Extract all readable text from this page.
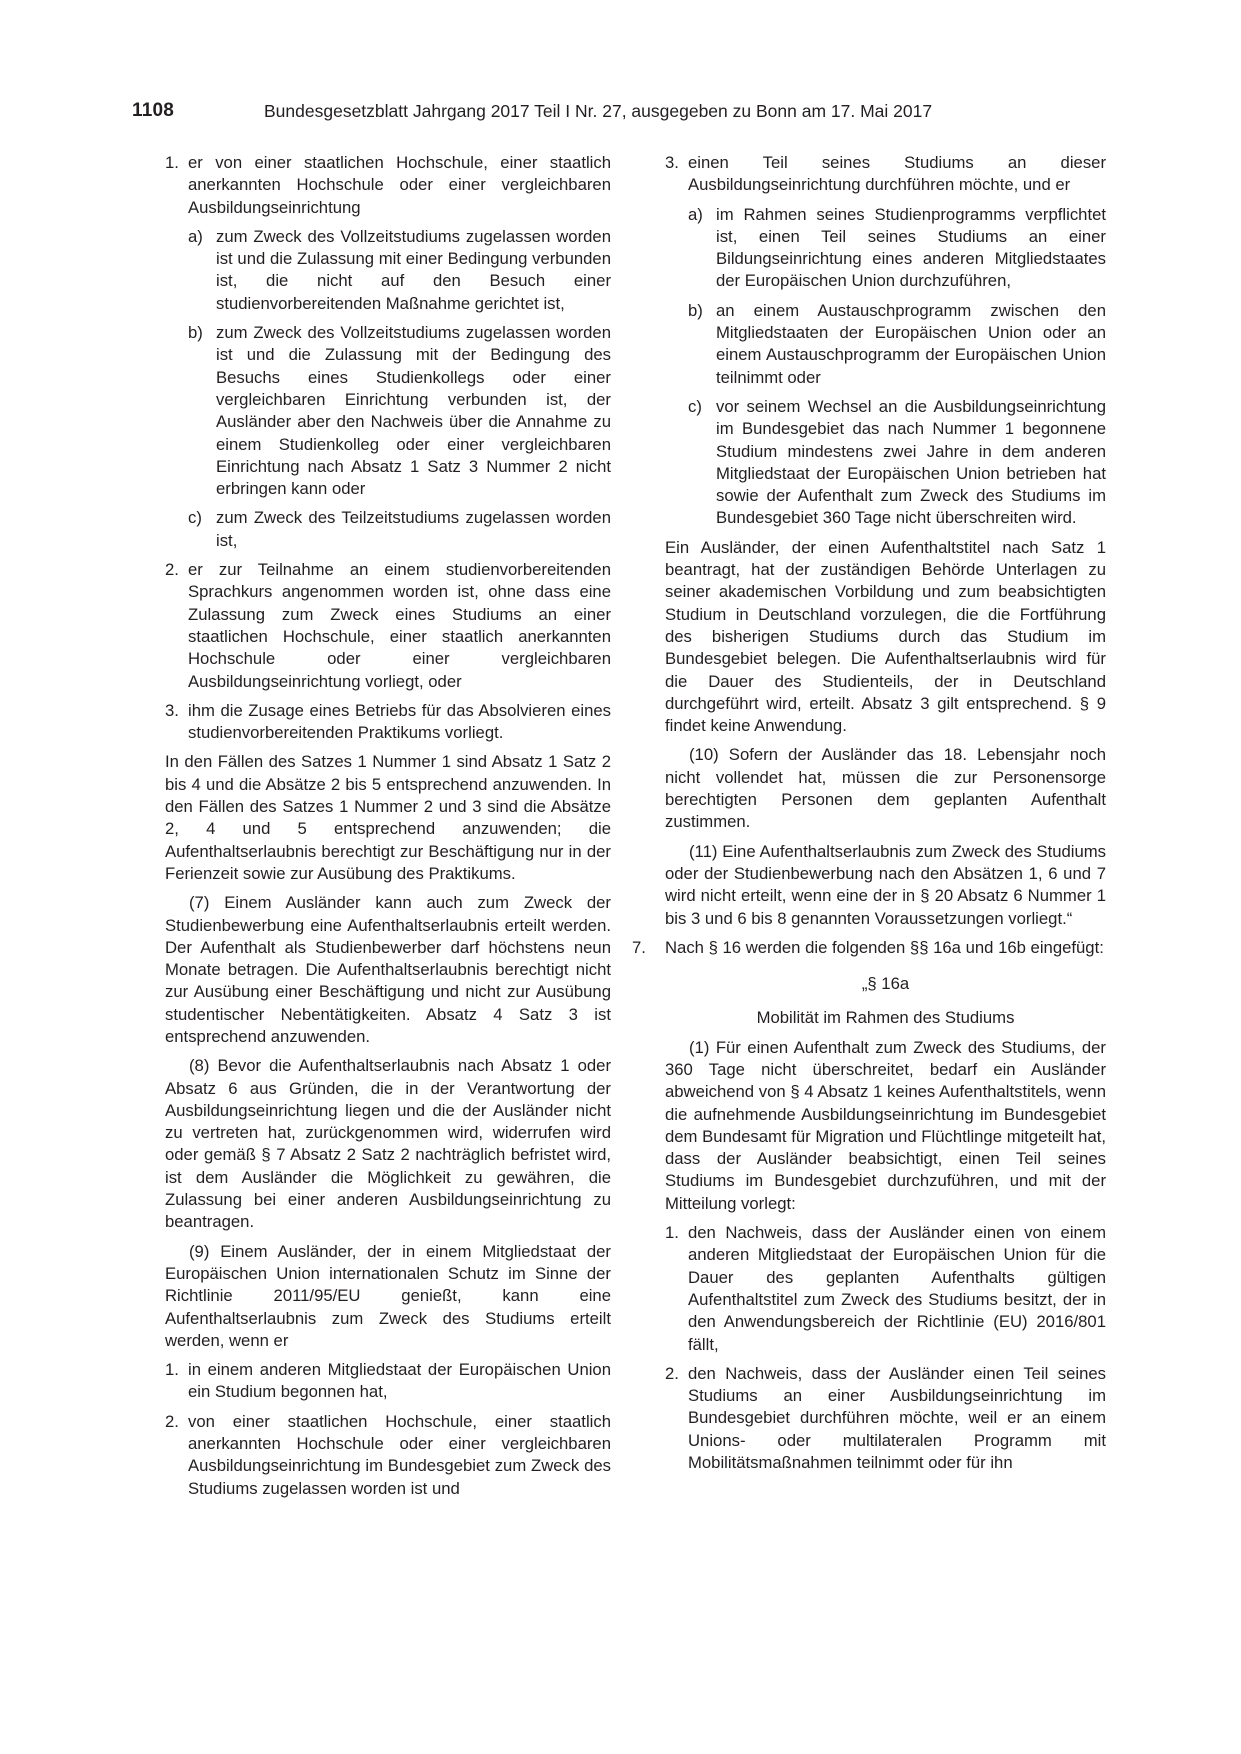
1108	Bundesgesetzblatt Jahrgang 2017 Teil I Nr. 27, ausgegeben zu Bonn am 17. Mai 2017
1. er von einer staatlichen Hochschule, einer staatlich anerkannten Hochschule oder einer vergleichbaren Ausbildungseinrichtung
a) zum Zweck des Vollzeitstudiums zugelassen worden ist und die Zulassung mit einer Bedingung verbunden ist, die nicht auf den Besuch einer studienvorbereitenden Maßnahme gerichtet ist,
b) zum Zweck des Vollzeitstudiums zugelassen worden ist und die Zulassung mit der Bedingung des Besuchs eines Studienkollegs oder einer vergleichbaren Einrichtung verbunden ist, der Ausländer aber den Nachweis über die Annahme zu einem Studienkolleg oder einer vergleichbaren Einrichtung nach Absatz 1 Satz 3 Nummer 2 nicht erbringen kann oder
c) zum Zweck des Teilzeitstudiums zugelassen worden ist,
2. er zur Teilnahme an einem studienvorbereitenden Sprachkurs angenommen worden ist, ohne dass eine Zulassung zum Zweck eines Studiums an einer staatlichen Hochschule, einer staatlich anerkannten Hochschule oder einer vergleichbaren Ausbildungseinrichtung vorliegt, oder
3. ihm die Zusage eines Betriebs für das Absolvieren eines studienvorbereitenden Praktikums vorliegt.
In den Fällen des Satzes 1 Nummer 1 sind Absatz 1 Satz 2 bis 4 und die Absätze 2 bis 5 entsprechend anzuwenden. In den Fällen des Satzes 1 Nummer 2 und 3 sind die Absätze 2, 4 und 5 entsprechend anzuwenden; die Aufenthaltserlaubnis berechtigt zur Beschäftigung nur in der Ferienzeit sowie zur Ausübung des Praktikums.
(7) Einem Ausländer kann auch zum Zweck der Studienbewerbung eine Aufenthaltserlaubnis erteilt werden. Der Aufenthalt als Studienbewerber darf höchstens neun Monate betragen. Die Aufenthaltserlaubnis berechtigt nicht zur Ausübung einer Beschäftigung und nicht zur Ausübung studentischer Nebentätigkeiten. Absatz 4 Satz 3 ist entsprechend anzuwenden.
(8) Bevor die Aufenthaltserlaubnis nach Absatz 1 oder Absatz 6 aus Gründen, die in der Verantwortung der Ausbildungseinrichtung liegen und die der Ausländer nicht zu vertreten hat, zurückgenommen wird, widerrufen wird oder gemäß § 7 Absatz 2 Satz 2 nachträglich befristet wird, ist dem Ausländer die Möglichkeit zu gewähren, die Zulassung bei einer anderen Ausbildungseinrichtung zu beantragen.
(9) Einem Ausländer, der in einem Mitgliedstaat der Europäischen Union internationalen Schutz im Sinne der Richtlinie 2011/95/EU genießt, kann eine Aufenthaltserlaubnis zum Zweck des Studiums erteilt werden, wenn er
1. in einem anderen Mitgliedstaat der Europäischen Union ein Studium begonnen hat,
2. von einer staatlichen Hochschule, einer staatlich anerkannten Hochschule oder einer vergleichbaren Ausbildungseinrichtung im Bundesgebiet zum Zweck des Studiums zugelassen worden ist und
3. einen Teil seines Studiums an dieser Ausbildungseinrichtung durchführen möchte, und er
a) im Rahmen seines Studienprogramms verpflichtet ist, einen Teil seines Studiums an einer Bildungseinrichtung eines anderen Mitgliedstaates der Europäischen Union durchzuführen,
b) an einem Austauschprogramm zwischen den Mitgliedstaaten der Europäischen Union oder an einem Austauschprogramm der Europäischen Union teilnimmt oder
c) vor seinem Wechsel an die Ausbildungseinrichtung im Bundesgebiet das nach Nummer 1 begonnene Studium mindestens zwei Jahre in dem anderen Mitgliedstaat der Europäischen Union betrieben hat sowie der Aufenthalt zum Zweck des Studiums im Bundesgebiet 360 Tage nicht überschreiten wird.
Ein Ausländer, der einen Aufenthaltstitel nach Satz 1 beantragt, hat der zuständigen Behörde Unterlagen zu seiner akademischen Vorbildung und zum beabsichtigten Studium in Deutschland vorzulegen, die die Fortführung des bisherigen Studiums durch das Studium im Bundesgebiet belegen. Die Aufenthaltserlaubnis wird für die Dauer des Studienteils, der in Deutschland durchgeführt wird, erteilt. Absatz 3 gilt entsprechend. § 9 findet keine Anwendung.
(10) Sofern der Ausländer das 18. Lebensjahr noch nicht vollendet hat, müssen die zur Personensorge berechtigten Personen dem geplanten Aufenthalt zustimmen.
(11) Eine Aufenthaltserlaubnis zum Zweck des Studiums oder der Studienbewerbung nach den Absätzen 1, 6 und 7 wird nicht erteilt, wenn eine der in § 20 Absatz 6 Nummer 1 bis 3 und 6 bis 8 genannten Voraussetzungen vorliegt.“
7.	Nach § 16 werden die folgenden §§ 16a und 16b eingefügt:
„§ 16a
Mobilität im Rahmen des Studiums
(1) Für einen Aufenthalt zum Zweck des Studiums, der 360 Tage nicht überschreitet, bedarf ein Ausländer abweichend von § 4 Absatz 1 keines Aufenthaltstitels, wenn die aufnehmende Ausbildungseinrichtung im Bundesgebiet dem Bundesamt für Migration und Flüchtlinge mitgeteilt hat, dass der Ausländer beabsichtigt, einen Teil seines Studiums im Bundesgebiet durchzuführen, und mit der Mitteilung vorlegt:
1. den Nachweis, dass der Ausländer einen von einem anderen Mitgliedstaat der Europäischen Union für die Dauer des geplanten Aufenthalts gültigen Aufenthaltstitel zum Zweck des Studiums besitzt, der in den Anwendungsbereich der Richtlinie (EU) 2016/801 fällt,
2. den Nachweis, dass der Ausländer einen Teil seines Studiums an einer Ausbildungseinrichtung im Bundesgebiet durchführen möchte, weil er an einem Unions- oder multilateralen Programm mit Mobilitätsmaßnahmen teilnimmt oder für ihn
